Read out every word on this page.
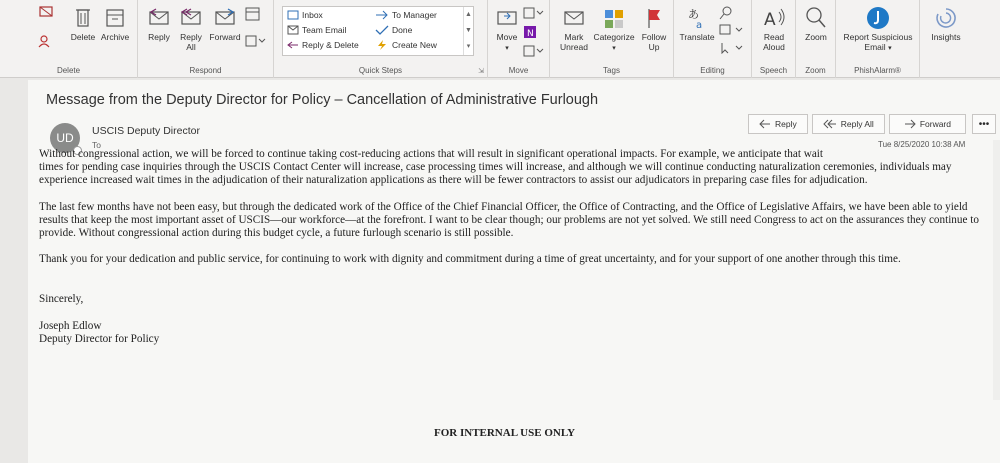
Delete Archive
Delete
Reply	Reply
All
Forward
Respond
Inbox
Team Email
Reply & Delete
To Manager
Done
Create New
▲
▼
▾
⇲
Quick Steps
Move
▾
N
Move
Mark
Unread
Categorize
▾
Follow
Up
Tags
あ
a
Translate
Editing
A
Read
Aloud
Speech
Zoom
Zoom
Report Suspicious
Email ▾
PhishAlarm®
Insights
Message from the Deputy Director for Policy – Cancellation of Administrative Furlough
UD USCIS Deputy Director
To
Reply	Reply All	Forward	•••
Tue 8/25/2020 10:38 AM
Without congressional action, we will be forced to continue taking cost-reducing actions that will result in significant operational impacts. For example, we anticipate that wait

times for pending case inquiries through the USCIS Contact Center will increase, case processing times will increase, and although we will continue conducting naturalization ceremonies, individuals may experience increased wait times in the adjudication of their naturalization applications as there will be fewer contractors to assist our adjudicators in preparing case files for adjudication.

The last few months have not been easy, but through the dedicated work of the Office of the Chief Financial Officer, the Office of Contracting, and the Office of Legislative Affairs, we have been able to yield results that keep the most important asset of USCIS—our workforce—at the forefront. I want to be clear though; our problems are not yet solved. We still need Congress to act on the assurances they continue to provide. Without congressional action during this budget cycle, a future furlough scenario is still possible.

Thank you for your dedication and public service, for continuing to work with dignity and commitment during a time of great uncertainty, and for your support of one another through this time.

Sincerely,

Joseph Edlow
Deputy Director for Policy
FOR INTERNAL USE ONLY
